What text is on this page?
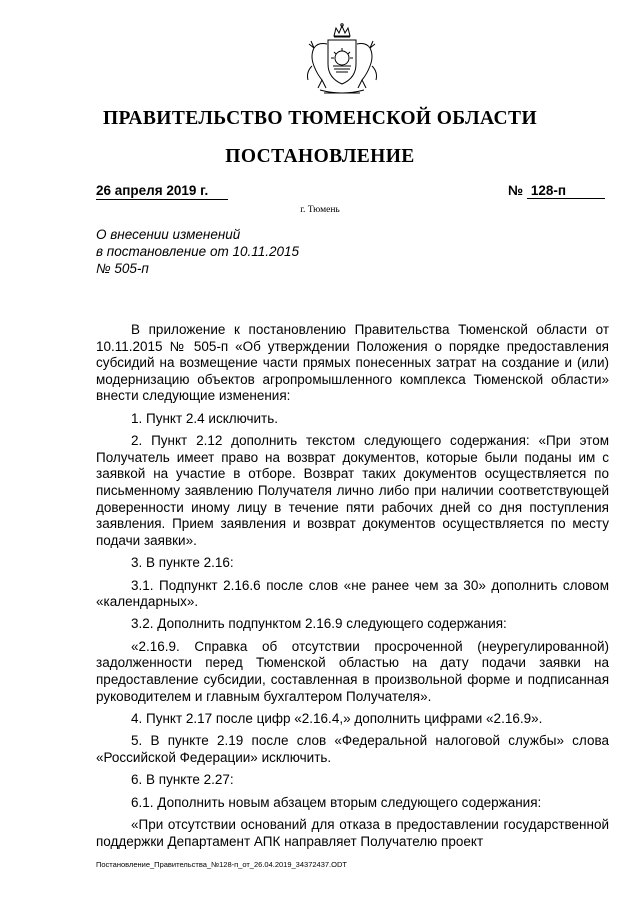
ПРАВИТЕЛЬСТВО ТЮМЕНСКОЙ ОБЛАСТИ
ПОСТАНОВЛЕНИЕ
26 апреля 2019 г.	№ 128-п
г. Тюмень
О внесении изменений
в постановление от 10.11.2015
№ 505-п

В приложение к постановлению Правительства Тюменской области от 10.11.2015 № 505-п «Об утверждении Положения о порядке предоставления субсидий на возмещение части прямых понесенных затрат на создание и (или) модернизацию объектов агропромышленного комплекса Тюменской области» внести следующие изменения:

1. Пункт 2.4 исключить.

2. Пункт 2.12 дополнить текстом следующего содержания: «При этом Получатель имеет право на возврат документов, которые были поданы им с заявкой на участие в отборе. Возврат таких документов осуществляется по письменному заявлению Получателя лично либо при наличии соответствующей доверенности иному лицу в течение пяти рабочих дней со дня поступления заявления. Прием заявления и возврат документов осуществляется по месту подачи заявки».

3. В пункте 2.16:

3.1. Подпункт 2.16.6 после слов «не ранее чем за 30» дополнить словом «календарных».

3.2. Дополнить подпунктом 2.16.9 следующего содержания:

«2.16.9. Справка об отсутствии просроченной (неурегулированной) задолженности перед Тюменской областью на дату подачи заявки на предоставление субсидии, составленная в произвольной форме и подписанная руководителем и главным бухгалтером Получателя».

4. Пункт 2.17 после цифр «2.16.4,» дополнить цифрами «2.16.9».

5. В пункте 2.19 после слов «Федеральной налоговой службы» слова «Российской Федерации» исключить.

6. В пункте 2.27:

6.1. Дополнить новым абзацем вторым следующего содержания:

«При отсутствии оснований для отказа в предоставлении государственной поддержки Департамент АПК направляет Получателю проект

Постановление_Правительства_№128-п_от_26.04.2019_34372437.ODT
